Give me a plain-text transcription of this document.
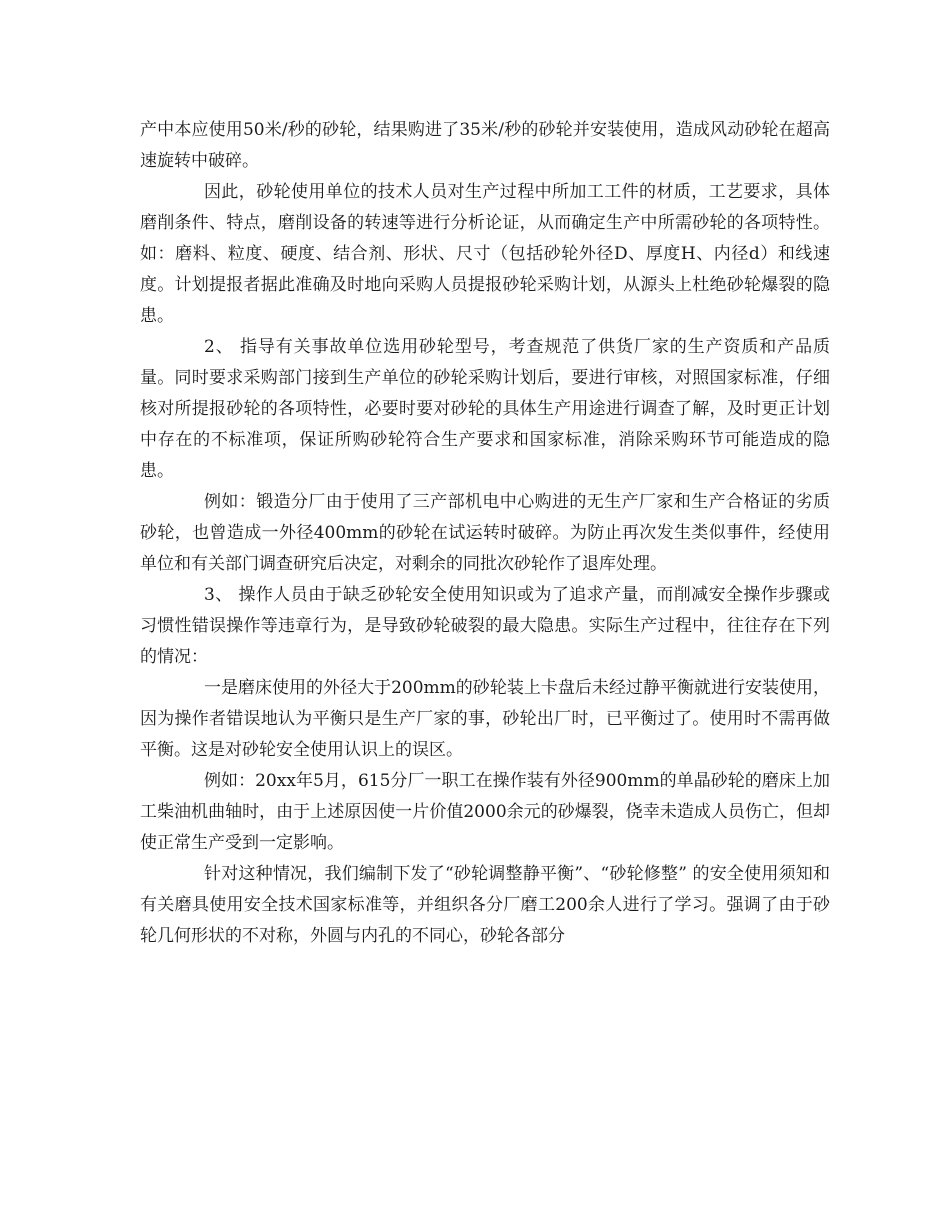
产中本应使用50米/秒的砂轮，结果购进了35米/秒的砂轮并安装使用，造成风动砂轮在超高速旋转中破碎。

因此，砂轮使用单位的技术人员对生产过程中所加工工件的材质，工艺要求，具体磨削条件、特点，磨削设备的转速等进行分析论证，从而确定生产中所需砂轮的各项特性。如：磨料、粒度、硬度、结合剂、形状、尺寸（包括砂轮外径D、厚度H、内径d）和线速度。计划提报者据此准确及时地向采购人员提报砂轮采购计划，从源头上杜绝砂轮爆裂的隐患。

2、 指导有关事故单位选用砂轮型号，考查规范了供货厂家的生产资质和产品质量。同时要求采购部门接到生产单位的砂轮采购计划后，要进行审核，对照国家标准，仔细核对所提报砂轮的各项特性，必要时要对砂轮的具体生产用途进行调查了解，及时更正计划中存在的不标准项，保证所购砂轮符合生产要求和国家标准，消除采购环节可能造成的隐患。

例如：锻造分厂由于使用了三产部机电中心购进的无生产厂家和生产合格证的劣质砂轮，也曾造成一外径400mm的砂轮在试运转时破碎。为防止再次发生类似事件，经使用单位和有关部门调查研究后决定，对剩余的同批次砂轮作了退库处理。

3、 操作人员由于缺乏砂轮安全使用知识或为了追求产量，而削减安全操作步骤或习惯性错误操作等违章行为，是导致砂轮破裂的最大隐患。实际生产过程中，往往存在下列的情况：

一是磨床使用的外径大于200mm的砂轮装上卡盘后未经过静平衡就进行安装使用，因为操作者错误地认为平衡只是生产厂家的事，砂轮出厂时，已平衡过了。使用时不需再做平衡。这是对砂轮安全使用认识上的误区。

例如：20xx年5月，615分厂一职工在操作装有外径900mm的单晶砂轮的磨床上加工柴油机曲轴时，由于上述原因使一片价值2000余元的砂爆裂，侥幸未造成人员伤亡，但却使正常生产受到一定影响。

针对这种情况，我们编制下发了“砂轮调整静平衡”、“砂轮修整” 的安全使用须知和有关磨具使用安全技术国家标准等，并组织各分厂磨工200余人进行了学习。强调了由于砂轮几何形状的不对称，外圆与内孔的不同心，砂轮各部分
